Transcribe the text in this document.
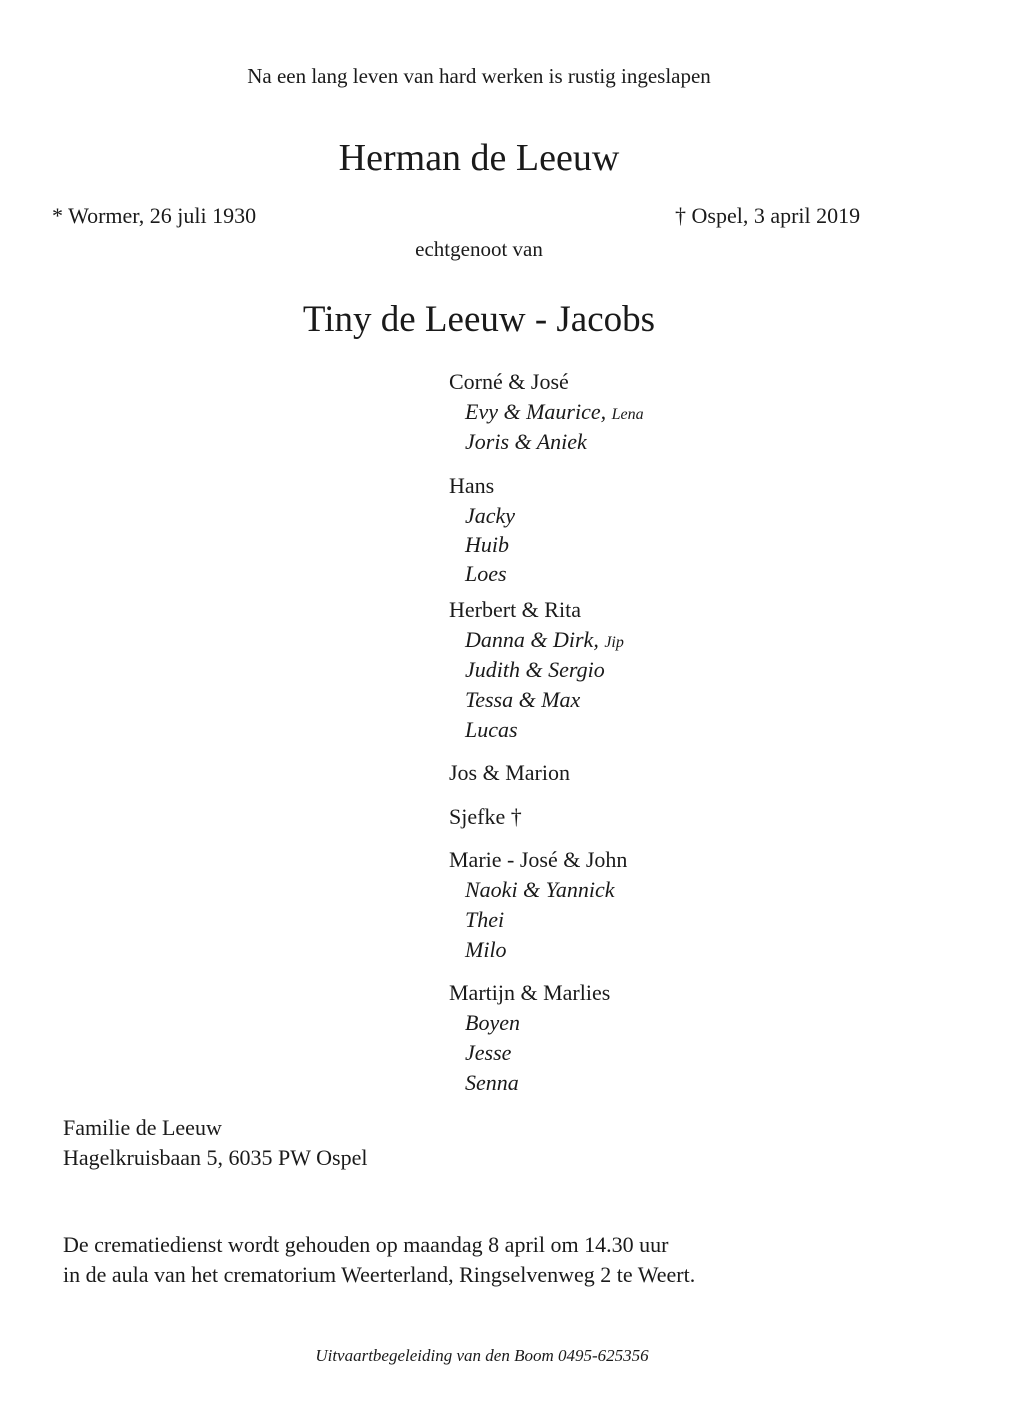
Na een lang leven van hard werken is rustig ingeslapen
Herman de Leeuw
* Wormer, 26 juli 1930	† Ospel, 3 april 2019
echtgenoot van
Tiny de Leeuw - Jacobs
Corné & José
Evy & Maurice, Lena
Joris & Aniek
Hans
Jacky
Huib
Loes
Herbert & Rita
Danna & Dirk, Jip
Judith & Sergio
Tessa & Max
Lucas
Jos & Marion
Sjefke †
Marie - José & John
Naoki & Yannick
Thei
Milo
Martijn & Marlies
Boyen
Jesse
Senna
Familie de Leeuw
Hagelkruisbaan 5, 6035 PW Ospel
De crematiedienst wordt gehouden op maandag 8 april om 14.30 uur
in de aula van het crematorium Weerterland, Ringselvenweg 2 te Weert.
Uitvaartbegeleiding van den Boom 0495-625356
